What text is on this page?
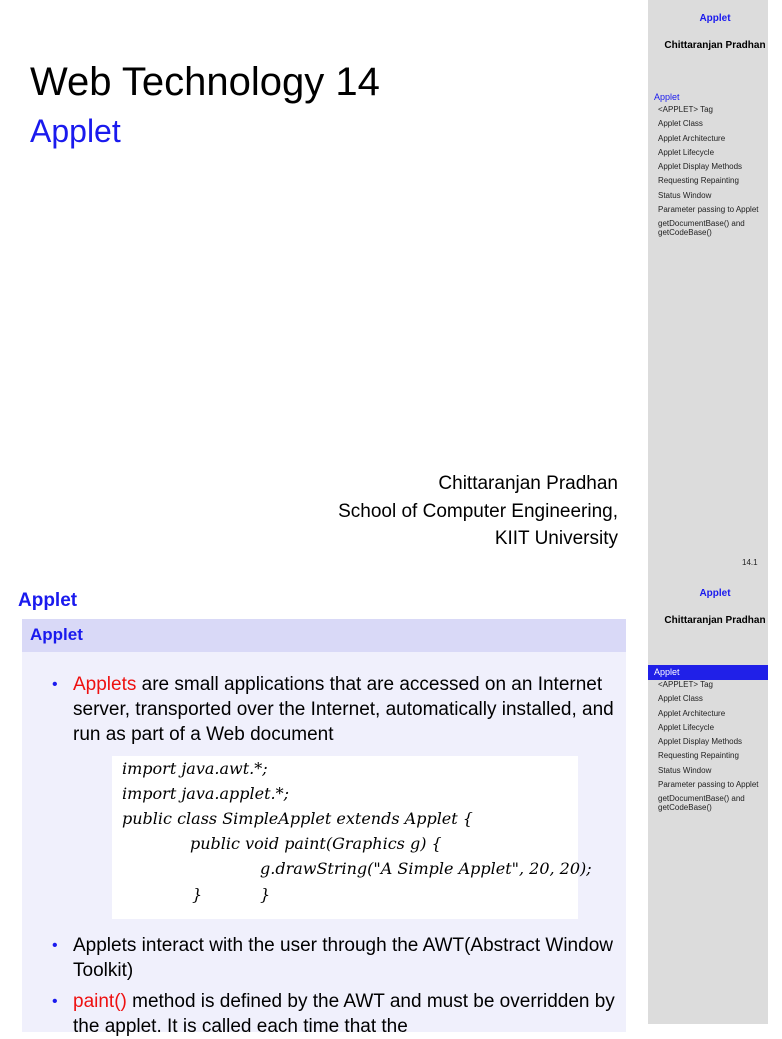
Applet
Chittaranjan Pradhan
Applet
<APPLET> Tag
Applet Class
Applet Architecture
Applet Lifecycle
Applet Display Methods
Requesting Repainting
Status Window
Parameter passing to Applet
getDocumentBase() and getCodeBase()
Web Technology 14
Applet
Chittaranjan Pradhan
School of Computer Engineering,
KIIT University
14.1
Applet
Chittaranjan Pradhan
Applet
<APPLET> Tag
Applet Class
Applet Architecture
Applet Lifecycle
Applet Display Methods
Requesting Repainting
Status Window
Parameter passing to Applet
getDocumentBase() and getCodeBase()
Applet
Applet
• Applets are small applications that are accessed on an Internet server, transported over the Internet, automatically installed, and run as part of a Web document
import java.awt.*;
import java.applet.*;
public class SimpleApplet extends Applet {
public void paint(Graphics g) {
g.drawString("A Simple Applet", 20, 20);
}	}
• Applets interact with the user through the AWT(Abstract Window Toolkit)
• paint() method is defined by the AWT and must be overridden by the applet. It is called each time that the
